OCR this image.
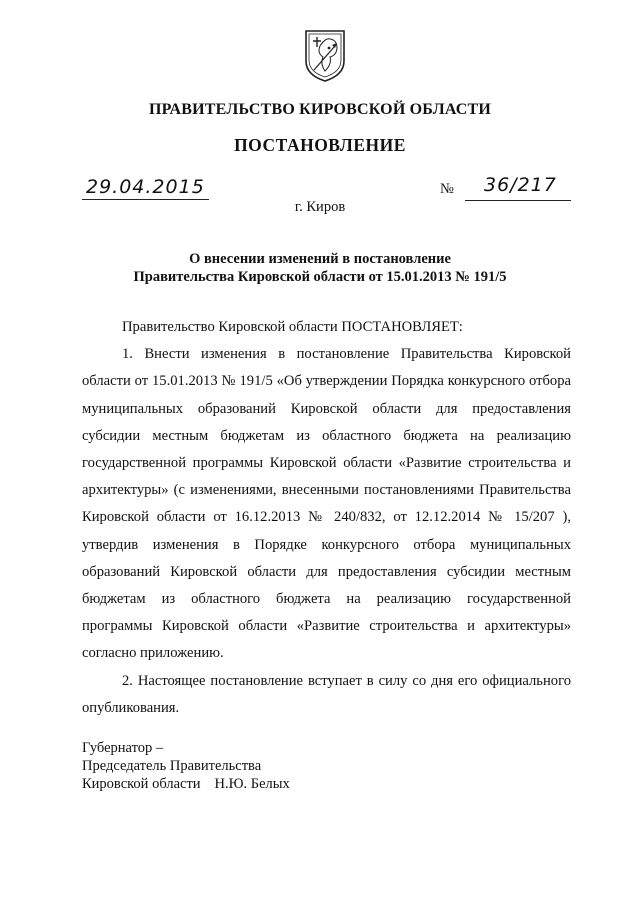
ПРАВИТЕЛЬСТВО КИРОВСКОЙ ОБЛАСТИ
ПОСТАНОВЛЕНИЕ
29.04.2015	№ 36/217
г. Киров
О внесении изменений в постановление
Правительства Кировской области от 15.01.2013 № 191/5

Правительство Кировской области ПОСТАНОВЛЯЕТ:

1. Внести изменения в постановление Правительства Кировской области от 15.01.2013 № 191/5 «Об утверждении Порядка конкурсного отбора муниципальных образований Кировской области для предоставления субсидии местным бюджетам из областного бюджета на реализацию государственной программы Кировской области «Развитие строительства и архитектуры» (с изменениями, внесенными постановлениями Правительства Кировской области от 16.12.2013 № 240/832, от 12.12.2014 № 15/207 ), утвердив изменения в Порядке конкурсного отбора муниципальных образований Кировской области для предоставления субсидии местным бюджетам из областного бюджета на реализацию государственной программы Кировской области «Развитие строительства и архитектуры» согласно приложению.

2. Настоящее постановление вступает в силу со дня его официального опубликования.

Губернатор –
Председатель Правительства
Кировской области Н.Ю. Белых
